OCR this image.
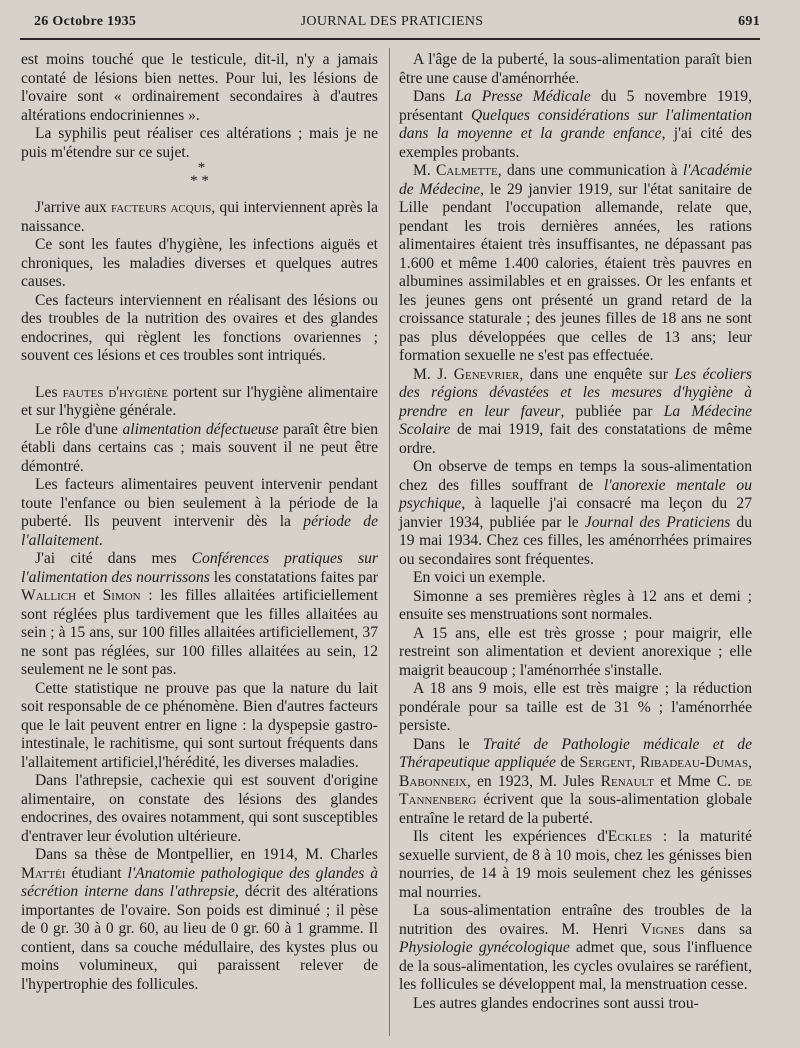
26 Octobre 1935	JOURNAL DES PRATICIENS	691

est moins touché que le testicule, dit-il, n'y a jamais contaté de lésions bien nettes. Pour lui, les lésions de l'ovaire sont « ordinairement secondaires à d'autres altérations endocriniennes ».

La syphilis peut réaliser ces altérations ; mais je ne puis m'étendre sur ce sujet.

*
* *

J'arrive aux facteurs acquis, qui interviennent après la naissance.

Ce sont les fautes d'hygiène, les infections aiguës et chroniques, les maladies diverses et quelques autres causes.

Ces facteurs interviennent en réalisant des lésions ou des troubles de la nutrition des ovaires et des glandes endocrines, qui règlent les fonctions ovariennes ; souvent ces lésions et ces troubles sont intriqués.

Les fautes d'hygiène portent sur l'hygiène alimentaire et sur l'hygiène générale.

Le rôle d'une alimentation défectueuse paraît être bien établi dans certains cas ; mais souvent il ne peut être démontré.

Les facteurs alimentaires peuvent intervenir pendant toute l'enfance ou bien seulement à la période de la puberté. Ils peuvent intervenir dès la période de l'allaitement.

J'ai cité dans mes Conférences pratiques sur l'alimentation des nourrissons les constatations faites par Wallich et Simon : les filles allaitées artificiellement sont réglées plus tardivement que les filles allaitées au sein ; à 15 ans, sur 100 filles allaitées artificiellement, 37 ne sont pas réglées, sur 100 filles allaitées au sein, 12 seulement ne le sont pas.

Cette statistique ne prouve pas que la nature du lait soit responsable de ce phénomène. Bien d'autres facteurs que le lait peuvent entrer en ligne : la dyspepsie gastro-intestinale, le rachitisme, qui sont surtout fréquents dans l'allaitement artificiel,l'hérédité, les diverses maladies.

Dans l'athrepsie, cachexie qui est souvent d'origine alimentaire, on constate des lésions des glandes endocrines, des ovaires notamment, qui sont susceptibles d'entraver leur évolution ultérieure.

Dans sa thèse de Montpellier, en 1914, M. Charles Mattéi étudiant l'Anatomie pathologique des glandes à sécrétion interne dans l'athrepsie, décrit des altérations importantes de l'ovaire. Son poids est diminué ; il pèse de 0 gr. 30 à 0 gr. 60, au lieu de 0 gr. 60 à 1 gramme. Il contient, dans sa couche médullaire, des kystes plus ou moins volumineux, qui paraissent relever de l'hypertrophie des follicules.

A l'âge de la puberté, la sous-alimentation paraît bien être une cause d'aménorrhée.

Dans La Presse Médicale du 5 novembre 1919, présentant Quelques considérations sur l'alimentation dans la moyenne et la grande enfance, j'ai cité des exemples probants.

M. Calmette, dans une communication à l'Académie de Médecine, le 29 janvier 1919, sur l'état sanitaire de Lille pendant l'occupation allemande, relate que, pendant les trois dernières années, les rations alimentaires étaient très insuffisantes, ne dépassant pas 1.600 et même 1.400 calories, étaient très pauvres en albumines assimilables et en graisses. Or les enfants et les jeunes gens ont présenté un grand retard de la croissance staturale ; des jeunes filles de 18 ans ne sont pas plus développées que celles de 13 ans; leur formation sexuelle ne s'est pas effectuée.

M. J. Genevrier, dans une enquête sur Les écoliers des régions dévastées et les mesures d'hygiène à prendre en leur faveur, publiée par La Médecine Scolaire de mai 1919, fait des constatations de même ordre.

On observe de temps en temps la sous-alimentation chez des filles souffrant de l'anorexie mentale ou psychique, à laquelle j'ai consacré ma leçon du 27 janvier 1934, publiée par le Journal des Praticiens du 19 mai 1934. Chez ces filles, les aménorrhées primaires ou secondaires sont fréquentes.

En voici un exemple.

Simonne a ses premières règles à 12 ans et demi ; ensuite ses menstruations sont normales.

A 15 ans, elle est très grosse ; pour maigrir, elle restreint son alimentation et devient anorexique ; elle maigrit beaucoup ; l'aménorrhée s'installe.

A 18 ans 9 mois, elle est très maigre ; la réduction pondérale pour sa taille est de 31 % ; l'aménorrhée persiste.

Dans le Traité de Pathologie médicale et de Thérapeutique appliquée de Sergent, Ribadeau-Dumas, Babonneix, en 1923, M. Jules Renault et Mme C. de Tannenberg écrivent que la sous-alimentation globale entraîne le retard de la puberté.

Ils citent les expériences d'Eckles : la maturité sexuelle survient, de 8 à 10 mois, chez les génisses bien nourries, de 14 à 19 mois seulement chez les génisses mal nourries.

La sous-alimentation entraîne des troubles de la nutrition des ovaires. M. Henri Vignes dans sa Physiologie gynécologique admet que, sous l'influence de la sous-alimentation, les cycles ovulaires se raréfient, les follicules se développent mal, la menstruation cesse.

Les autres glandes endocrines sont aussi trou-
